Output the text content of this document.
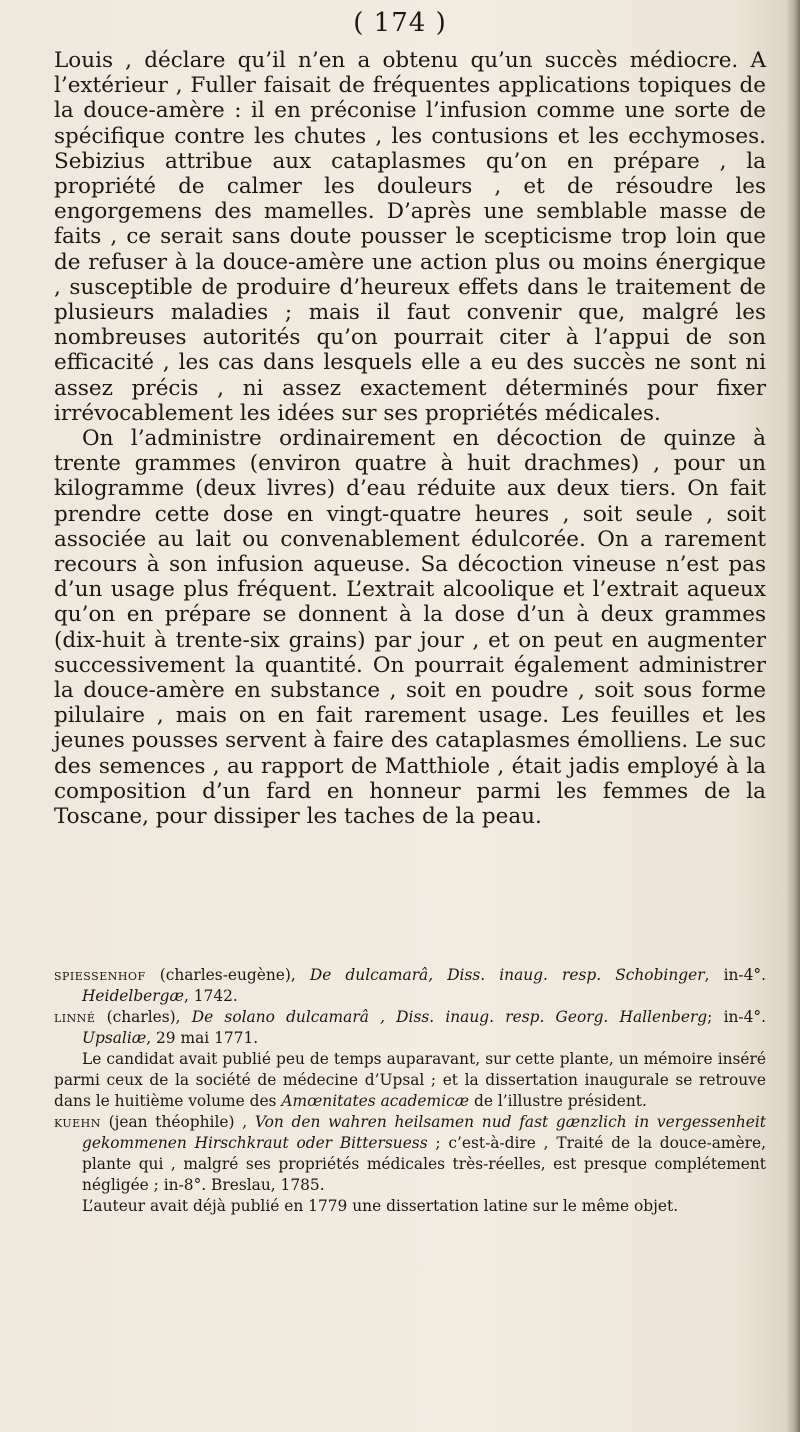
( 174 )

Louis , déclare qu’il n’en a obtenu qu’un succès médiocre. A l’extérieur , Fuller faisait de fréquentes applications topiques de la douce-amère : il en préconise l’infusion comme une sorte de spécifique contre les chutes , les contusions et les ecchymoses. Sebizius attribue aux cataplasmes qu’on en prépare , la propriété de calmer les douleurs , et de résoudre les engorgemens des mamelles. D’après une semblable masse de faits , ce serait sans doute pousser le scepticisme trop loin que de refuser à la douce-amère une action plus ou moins énergique , susceptible de produire d’heureux effets dans le traitement de plusieurs maladies ; mais il faut convenir que, malgré les nombreuses autorités qu’on pourrait citer à l’appui de son efficacité , les cas dans lesquels elle a eu des succès ne sont ni assez précis , ni assez exactement déterminés pour fixer irrévocablement les idées sur ses propriétés médicales.

On l’administre ordinairement en décoction de quinze à trente grammes (environ quatre à huit drachmes) , pour un kilogramme (deux livres) d’eau réduite aux deux tiers. On fait prendre cette dose en vingt-quatre heures , soit seule , soit associée au lait ou convenablement édulcorée. On a rarement recours à son infusion aqueuse. Sa décoction vineuse n’est pas d’un usage plus fréquent. L’extrait alcoolique et l’extrait aqueux qu’on en prépare se donnent à la dose d’un à deux grammes (dix-huit à trente-six grains) par jour , et on peut en augmenter successivement la quantité. On pourrait également administrer la douce-amère en substance , soit en poudre , soit sous forme pilulaire , mais on en fait rarement usage. Les feuilles et les jeunes pousses servent à faire des cataplasmes émolliens. Le suc des semences , au rapport de Matthiole , était jadis employé à la composition d’un fard en honneur parmi les femmes de la Toscane, pour dissiper les taches de la peau.

spiessenhof (charles-eugène), De dulcamarâ, Diss. inaug. resp. Schobinger, in-4°. Heidelbergæ, 1742.

linné (charles), De solano dulcamarâ , Diss. inaug. resp. Georg. Hallenberg; in-4°. Upsaliæ, 29 mai 1771.

Le candidat avait publié peu de temps auparavant, sur cette plante, un mémoire inséré parmi ceux de la société de médecine d’Upsal ; et la dissertation inaugurale se retrouve dans le huitième volume des Amœnitates academicæ de l’illustre président.

kuehn (jean théophile) , Von den wahren heilsamen nud fast gænzlich in vergessenheit gekommenen Hirschkraut oder Bittersuess ; c’est-à-dire , Traité de la douce-amère, plante qui , malgré ses propriétés médicales très-réelles, est presque complétement négligée ; in-8°. Breslau, 1785.

L’auteur avait déjà publié en 1779 une dissertation latine sur le même objet.
